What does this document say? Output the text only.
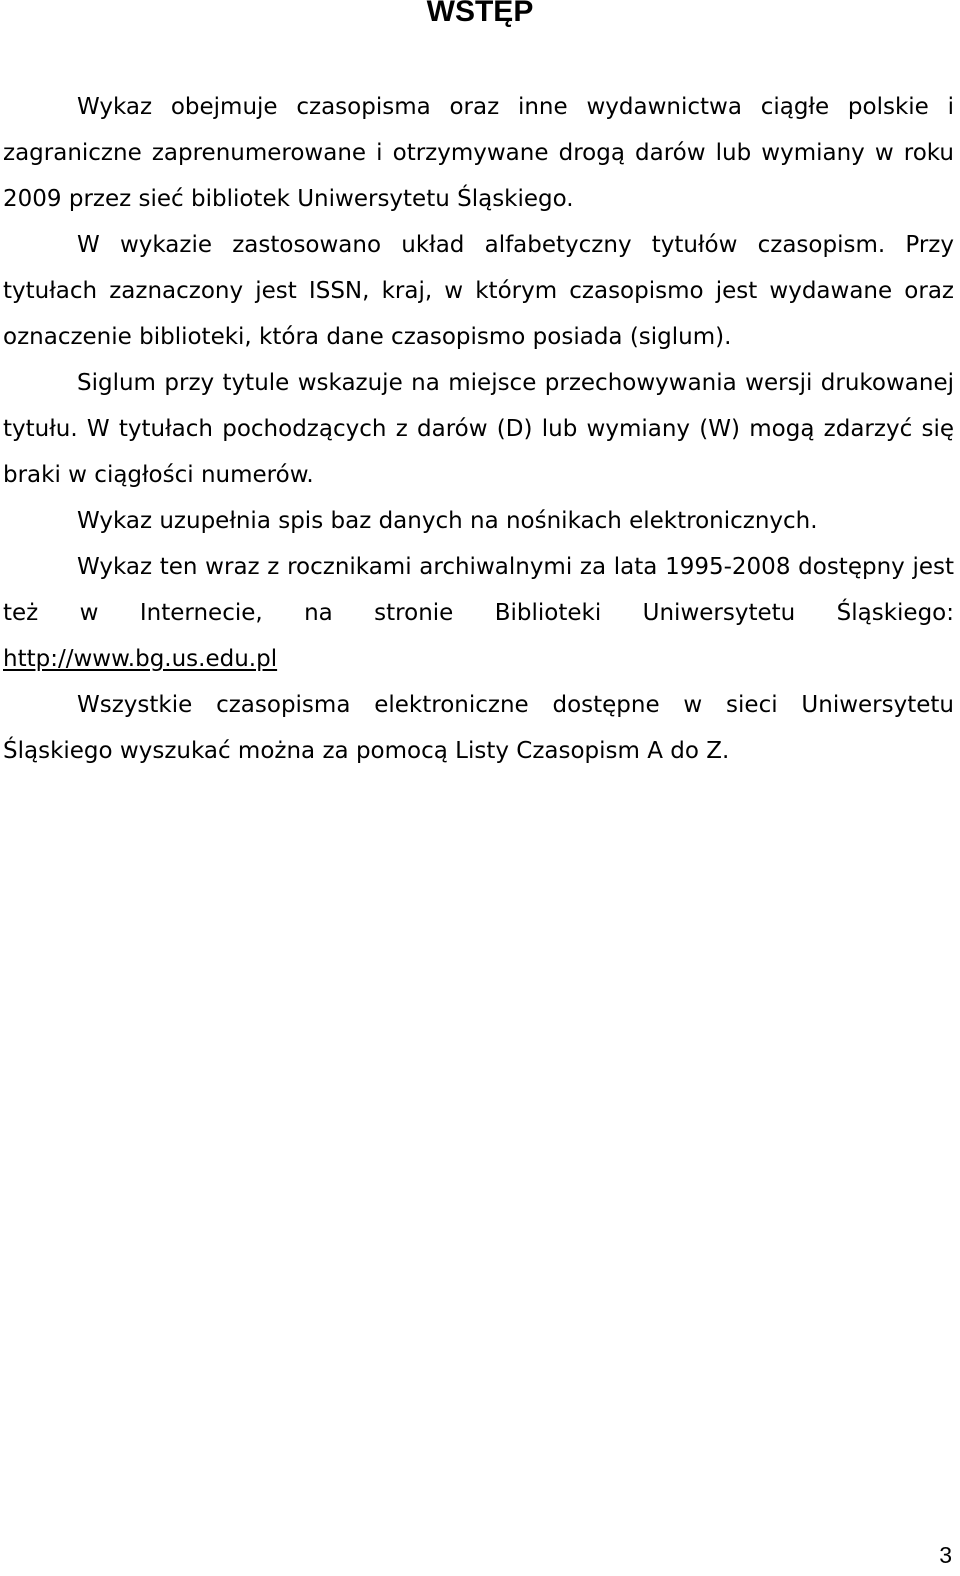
WSTĘP

Wykaz obejmuje czasopisma oraz inne wydawnictwa ciągłe polskie i zagraniczne zaprenumerowane i otrzymywane drogą darów lub wymiany w roku 2009 przez sieć bibliotek Uniwersytetu Śląskiego.

W wykazie zastosowano układ alfabetyczny tytułów czasopism. Przy tytułach zaznaczony jest ISSN, kraj, w którym czasopismo jest wydawane oraz oznaczenie biblioteki, która dane czasopismo posiada (siglum).

Siglum przy tytule wskazuje na miejsce przechowywania wersji drukowanej tytułu. W tytułach pochodzących z darów (D) lub wymiany (W) mogą zdarzyć się braki w ciągłości numerów.

Wykaz uzupełnia spis baz danych na nośnikach elektronicznych.

Wykaz ten wraz z rocznikami archiwalnymi za lata 1995-2008 dostępny jest też w Internecie, na stronie Biblioteki Uniwersytetu Śląskiego: http://www.bg.us.edu.pl

Wszystkie czasopisma elektroniczne dostępne w sieci Uniwersytetu Śląskiego wyszukać można za pomocą Listy Czasopism A do Z.

3
